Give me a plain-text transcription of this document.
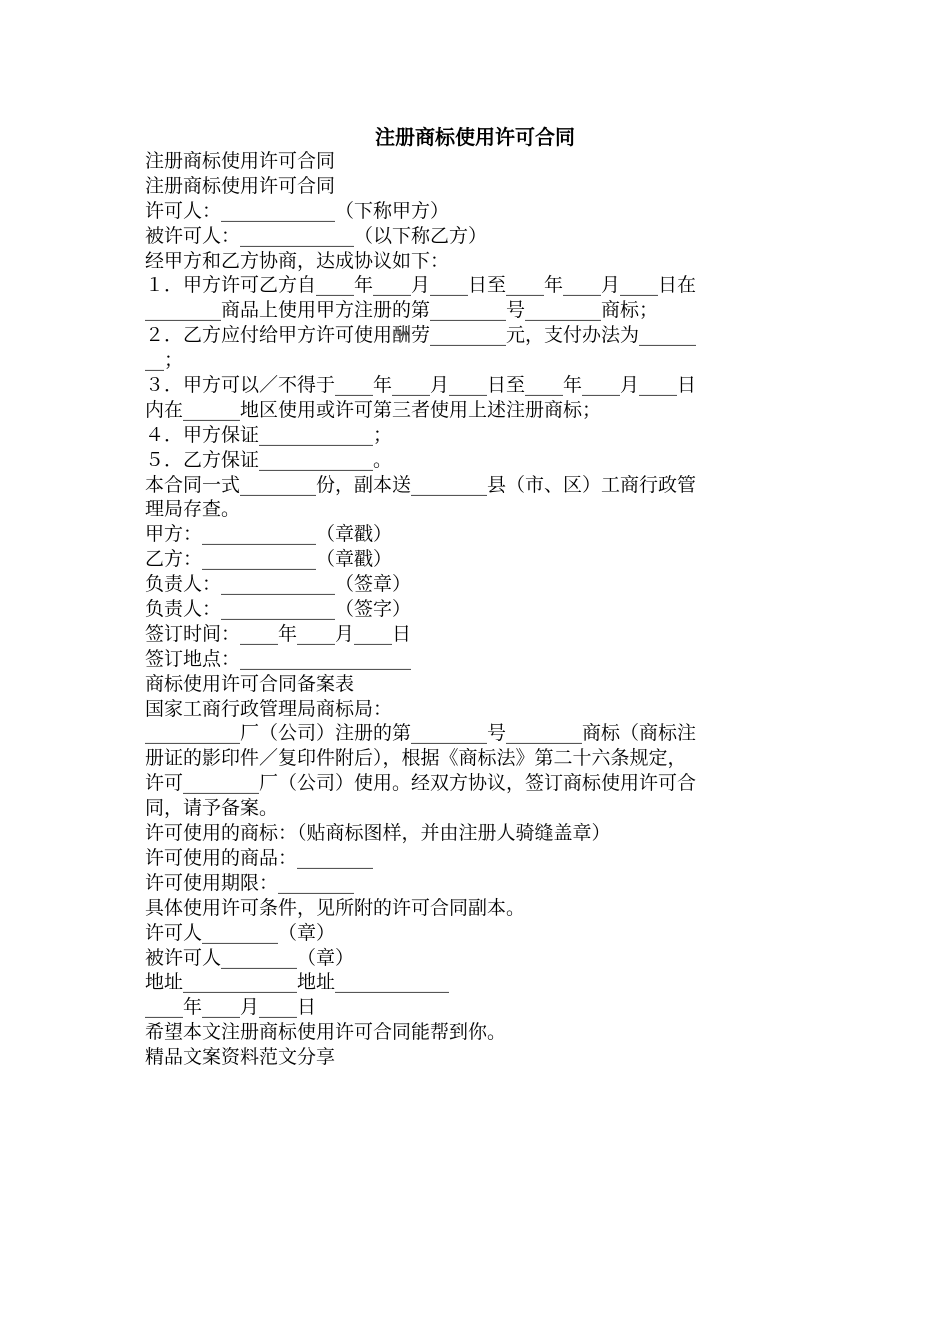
注册商标使用许可合同
注册商标使用许可合同
注册商标使用许可合同
许可人：____________（下称甲方）
被许可人：____________（以下称乙方）
经甲方和乙方协商，达成协议如下：
１．甲方许可乙方自____年____月____日至____年____月____日在
________商品上使用甲方注册的第________号________商标；
２．乙方应付给甲方许可使用酬劳________元，支付办法为______
__；
３．甲方可以／不得于____年____月____日至____年____月____日
内在______地区使用或许可第三者使用上述注册商标；
４．甲方保证____________；
５．乙方保证____________。
本合同一式________份，副本送________县（市、区）工商行政管
理局存查。
甲方：____________（章戳）
乙方：____________（章戳）
负责人：____________（签章）
负责人：____________（签字）
签订时间：____年____月____日
签订地点：__________________
商标使用许可合同备案表
国家工商行政管理局商标局：
__________厂（公司）注册的第________号________商标（商标注
册证的影印件／复印件附后），根据《商标法》第二十六条规定，
许可________厂（公司）使用。经双方协议，签订商标使用许可合
同，请予备案。
许可使用的商标：（贴商标图样，并由注册人骑缝盖章）
许可使用的商品：________
许可使用期限：________
具体使用许可条件，见所附的许可合同副本。
许可人________（章）
被许可人________（章）
地址____________地址____________
____年____月____日
希望本文注册商标使用许可合同能帮到你。
精品文案资料范文分享
